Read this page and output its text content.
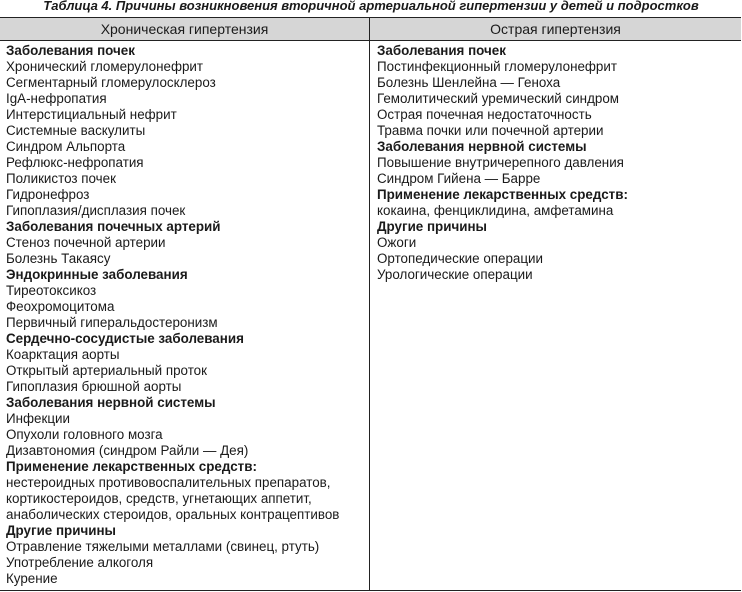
Таблица 4. Причины возникновения вторичной артериальной гипертензии у детей и подростков
Хроническая гипертензия	Острая гипертензия
Заболевания почек
Хронический гломерулонефрит
Сегментарный гломерулосклероз
IgA-нефропатия
Интерстициальный нефрит
Системные васкулиты
Синдром Альпорта
Рефлюкс-нефропатия
Поликистоз почек
Гидронефроз
Гипоплазия/дисплазия почек
Заболевания почечных артерий
Стеноз почечной артерии
Болезнь Такаясу
Эндокринные заболевания
Тиреотоксикоз
Феохромоцитома
Первичный гиперальдостеронизм
Сердечно-сосудистые заболевания
Коарктация аорты
Открытый артериальный проток
Гипоплазия брюшной аорты
Заболевания нервной системы
Инфекции
Опухоли головного мозга
Дизавтономия (синдром Райли — Дея)
Применение лекарственных средств:
нестероидных противовоспалительных препаратов,
кортикостероидов, средств, угнетающих аппетит,
анаболических стероидов, оральных контрацептивов
Другие причины
Отравление тяжелыми металлами (свинец, ртуть)
Употребление алкоголя
Курение
Заболевания почек
Постинфекционный гломерулонефрит
Болезнь Шенлейна — Геноха
Гемолитический уремический синдром
Острая почечная недостаточность
Травма почки или почечной артерии
Заболевания нервной системы
Повышение внутричерепного давления
Синдром Гийена — Барре
Применение лекарственных средств:
кокаина, фенциклидина, амфетамина
Другие причины
Ожоги
Ортопедические операции
Урологические операции
